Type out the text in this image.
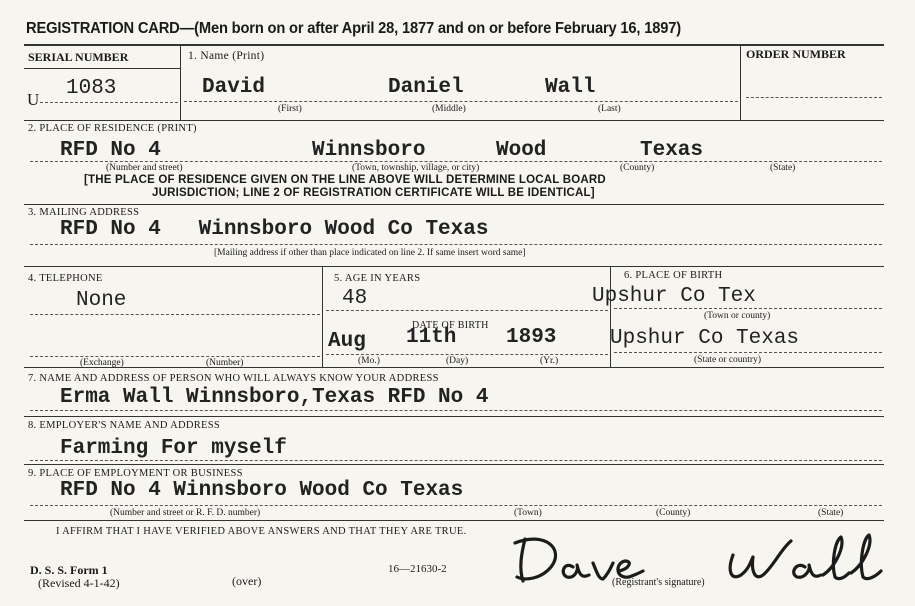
REGISTRATION CARD—(Men born on or after April 28, 1877 and on or before February 16, 1897)
SERIAL NUMBER	ORDER NUMBER
1. Name (Print)
U 1083	David	Daniel	Wall
(First)	(Middle)	(Last)
2. PLACE OF RESIDENCE (PRINT)
RFD No 4	Winnsboro	Wood	Texas
(Number and street)	(Town, township, village, or city)	(County)	(State)
[THE PLACE OF RESIDENCE GIVEN ON THE LINE ABOVE WILL DETERMINE LOCAL BOARD
JURISDICTION; LINE 2 OF REGISTRATION CERTIFICATE WILL BE IDENTICAL]
3. MAILING ADDRESS
RFD No 4   Winnsboro Wood Co Texas
[Mailing address if other than place indicated on line 2. If same insert word same]
4. TELEPHONE
None
(Exchange)	(Number)
5. AGE IN YEARS
48
DATE OF BIRTH
Aug 11th 1893
(Mo.)	(Day)	(Yr.)
6. PLACE OF BIRTH
Upshur Co Tex
(Town or county)
Upshur Co Texas
(State or country)
7. NAME AND ADDRESS OF PERSON WHO WILL ALWAYS KNOW YOUR ADDRESS
Erma Wall Winnsboro,Texas RFD No 4
8. EMPLOYER'S NAME AND ADDRESS
Farming For myself
9. PLACE OF EMPLOYMENT OR BUSINESS
RFD No 4 Winnsboro Wood Co Texas
(Number and street or R. F. D. number)	(Town)	(County)	(State)
I AFFIRM THAT I HAVE VERIFIED ABOVE ANSWERS AND THAT THEY ARE TRUE.
D. S. S. Form 1
(Revised 4-1-42)	(over)
16—21630-2
(Registrant's signature)
